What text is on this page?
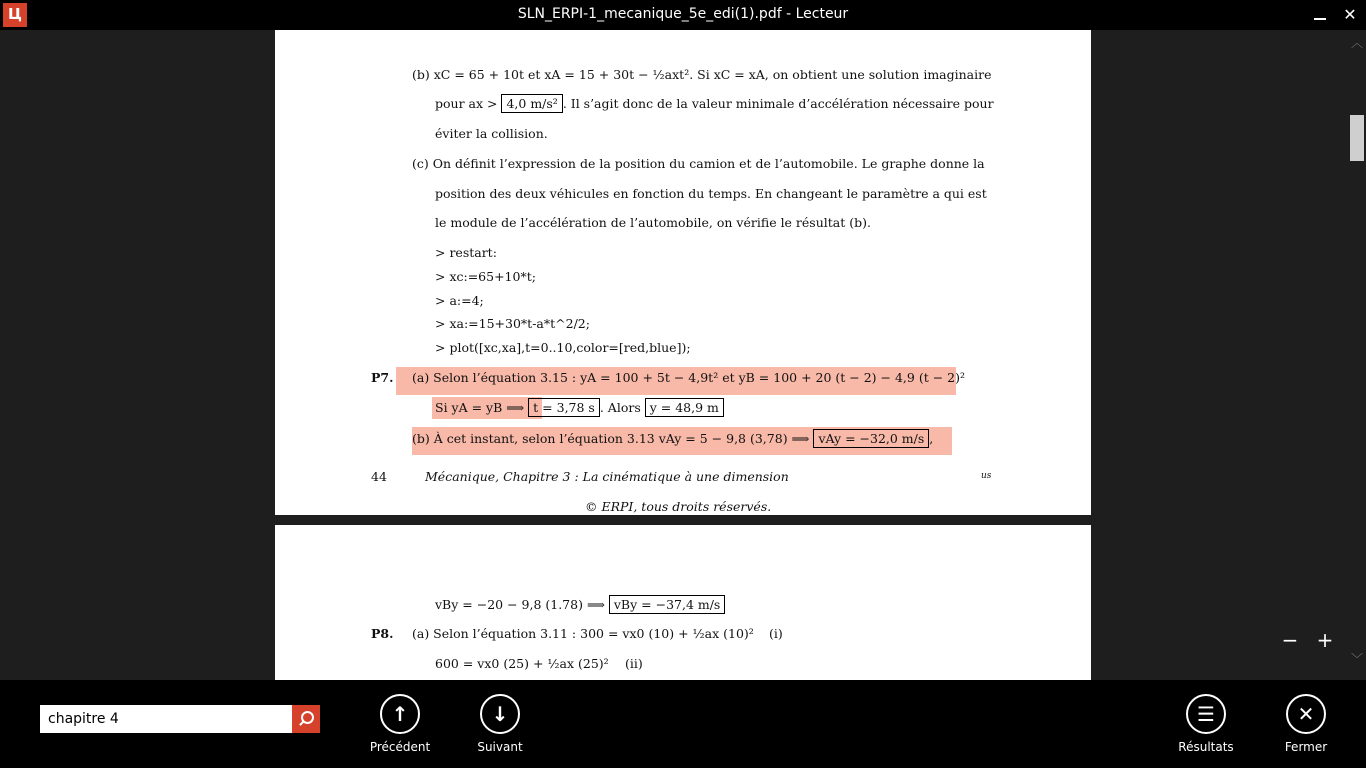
Ц	SLN_ERPI-1_mecanique_5e_edi(1).pdf - Lecteur	✕
(b) xC = 65 + 10t et xA = 15 + 30t − ½axt². Si xC = xA, on obtient une solution imaginaire
pour ax > 4,0 m/s² . Il s’agit donc de la valeur minimale d’accélération nécessaire pour
éviter la collision.
(c) On définit l’expression de la position du camion et de l’automobile. Le graphe donne la
position des deux véhicules en fonction du temps. En changeant le paramètre a qui est
le module de l’accélération de l’automobile, on vérifie le résultat (b).
> restart:
> xc:=65+10*t;
> a:=4;
> xa:=15+30*t-a*t^2/2;
> plot([xc,xa],t=0..10,color=[red,blue]);
P7. (a) Selon l’équation 3.15 : yA = 100 + 5t − 4,9t² et yB = 100 + 20 (t − 2) − 4,9 (t − 2)²
Si yA = yB ⟹ t = 3,78 s . Alors y = 48,9 m
(b) À cet instant, selon l’équation 3.13 vAy = 5 − 9,8 (3,78) ⟹ vAy = −32,0 m/s ,
44	Mécanique, Chapitre 3 : La cinématique à une dimension	us
© ERPI, tous droits réservés.
vBy = −20 − 9,8 (1.78) ⟹ vBy = −37,4 m/s
P8. (a) Selon l’équation 3.11 : 300 = vx0 (10) + ½ax (10)² (i)
600 = vx0 (25) + ½ax (25)² (ii)
︿
﹀
− +
chapitre 4
↑
Précédent
↓
Suivant
☰
Résultats
✕
Fermer
